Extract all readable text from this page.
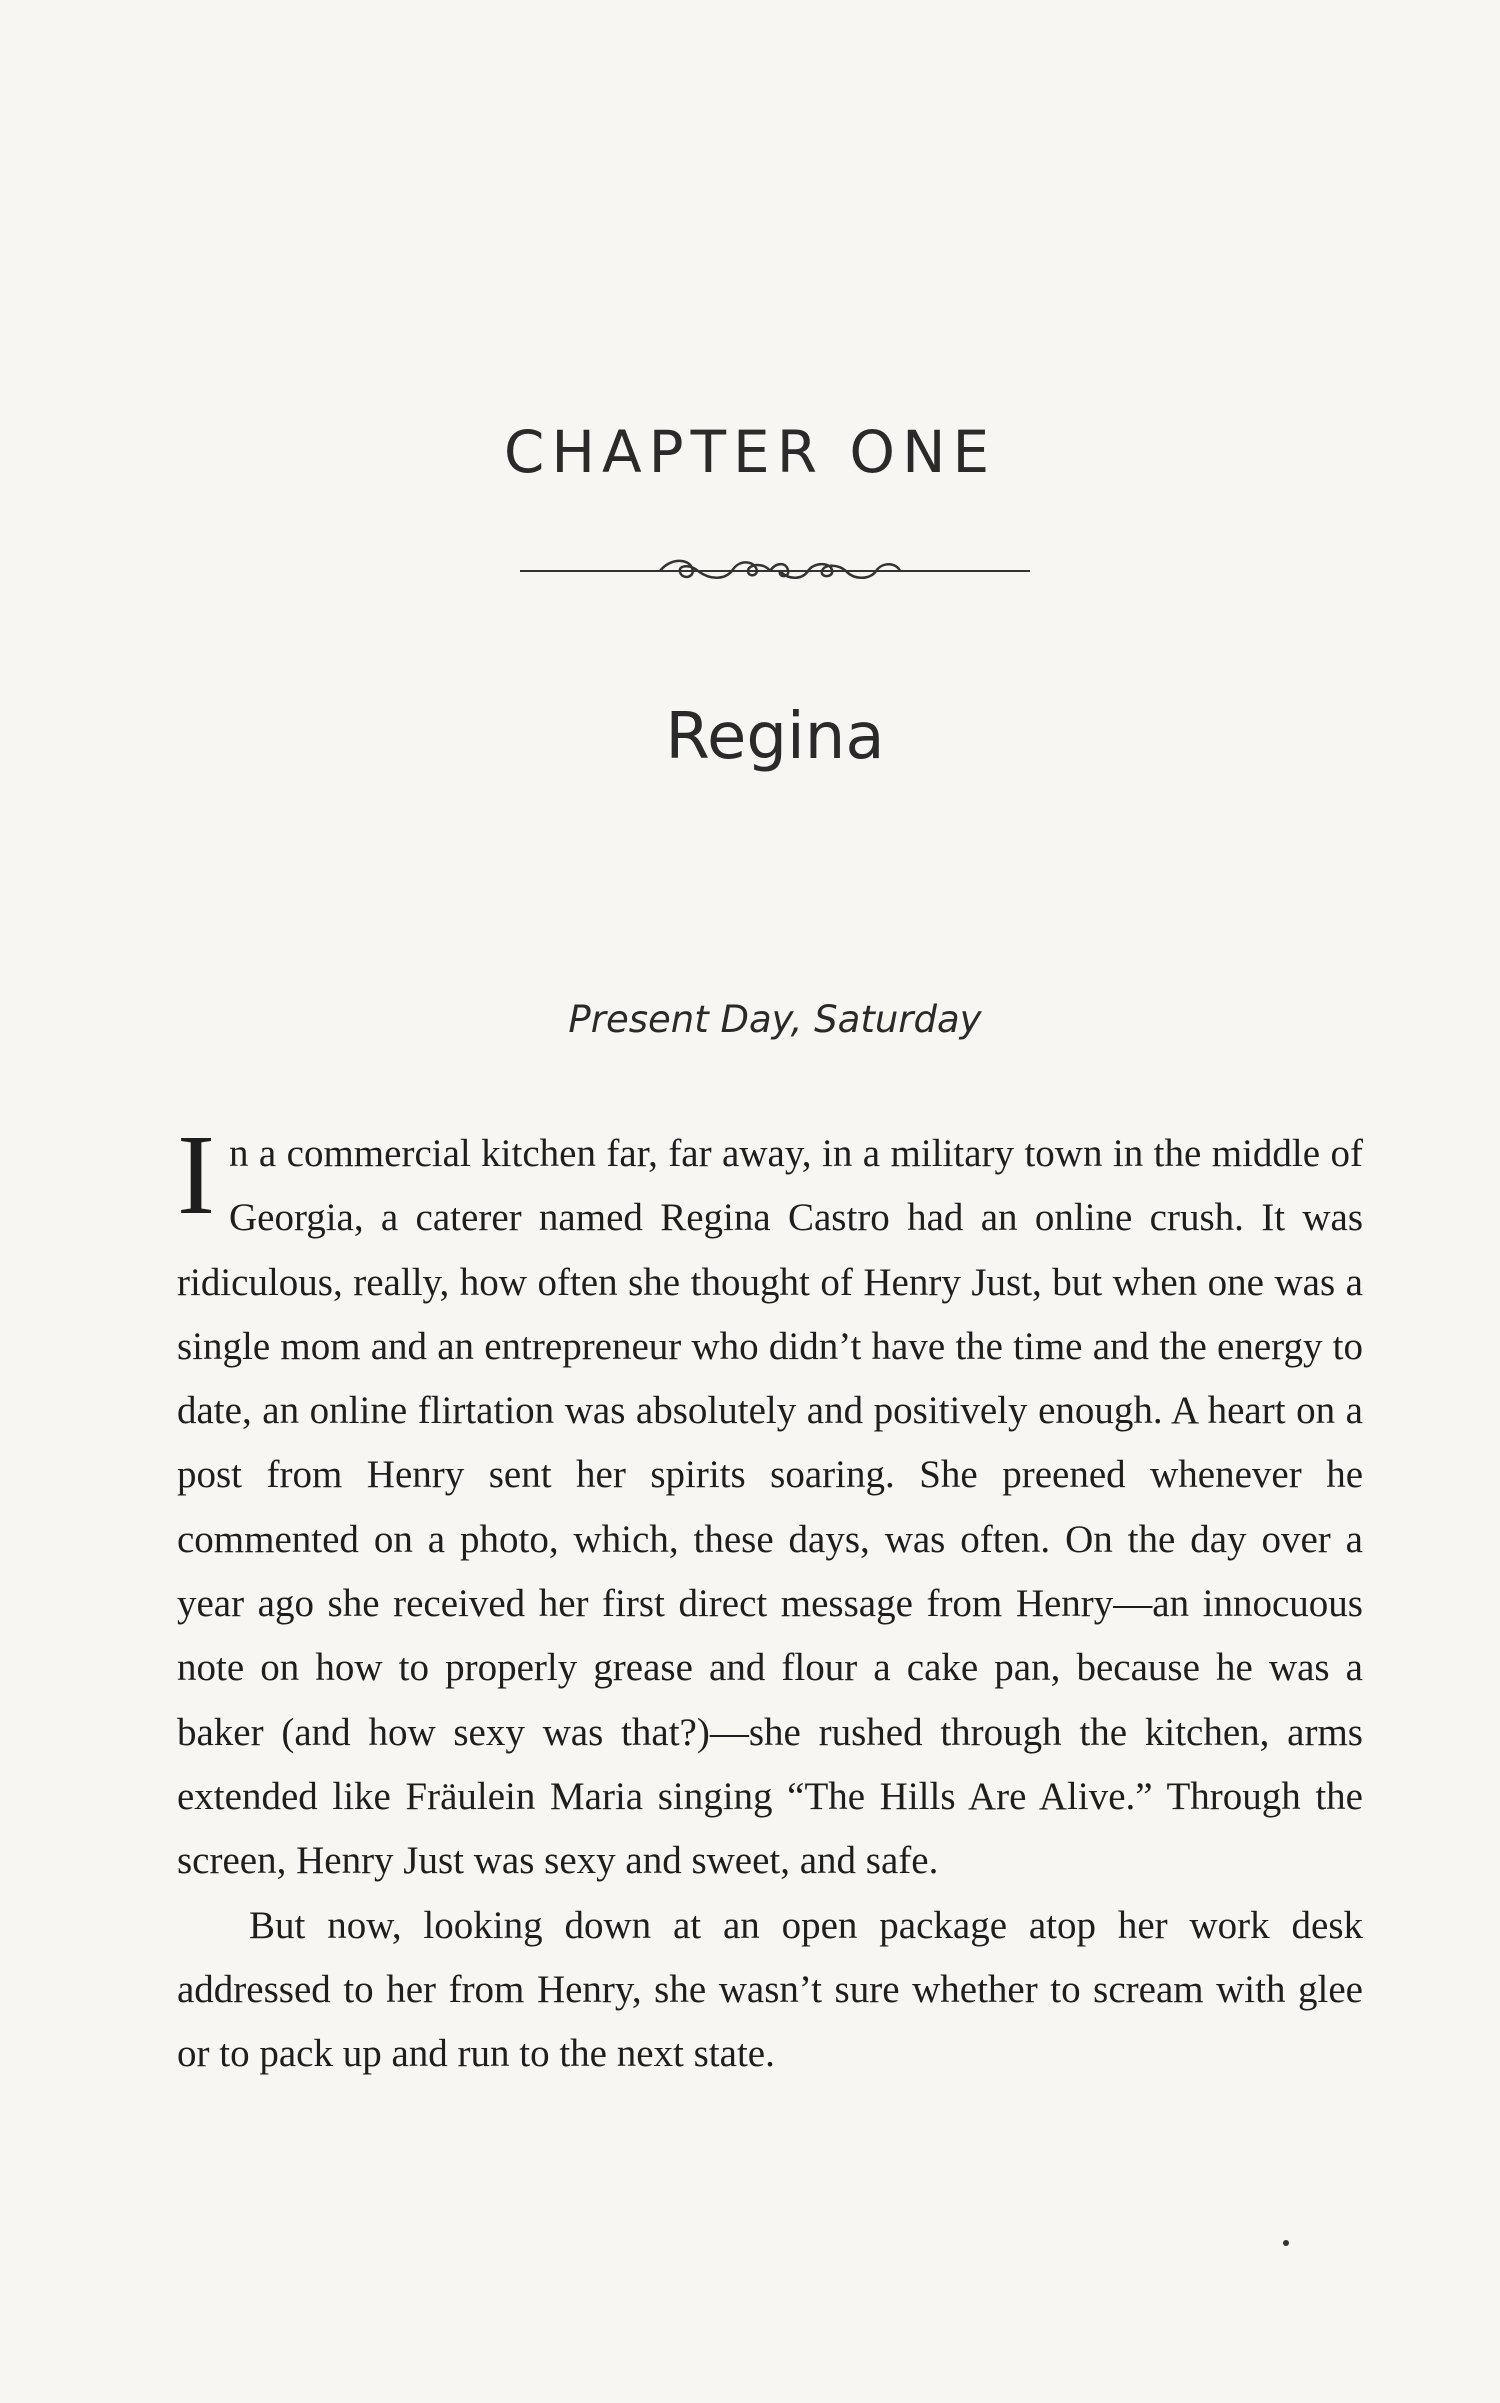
CHAPTER ONE
Regina

Present Day, Saturday

In a commercial kitchen far, far away, in a military town in the middle of Georgia, a caterer named Regina Castro had an online crush. It was ridiculous, really, how often she thought of Henry Just, but when one was a single mom and an entrepreneur who didn’t have the time and the energy to date, an online flirtation was absolutely and positively enough. A heart on a post from Henry sent her spirits soaring. She preened whenever he commented on a photo, which, these days, was often. On the day over a year ago she received her first direct message from Henry—an innocuous note on how to properly grease and flour a cake pan, because he was a baker (and how sexy was that?)—she rushed through the kitchen, arms extended like Fräulein Maria singing “The Hills Are Alive.” Through the screen, Henry Just was sexy and sweet, and safe.

But now, looking down at an open package atop her work desk addressed to her from Henry, she wasn’t sure whether to scream with glee or to pack up and run to the next state.
